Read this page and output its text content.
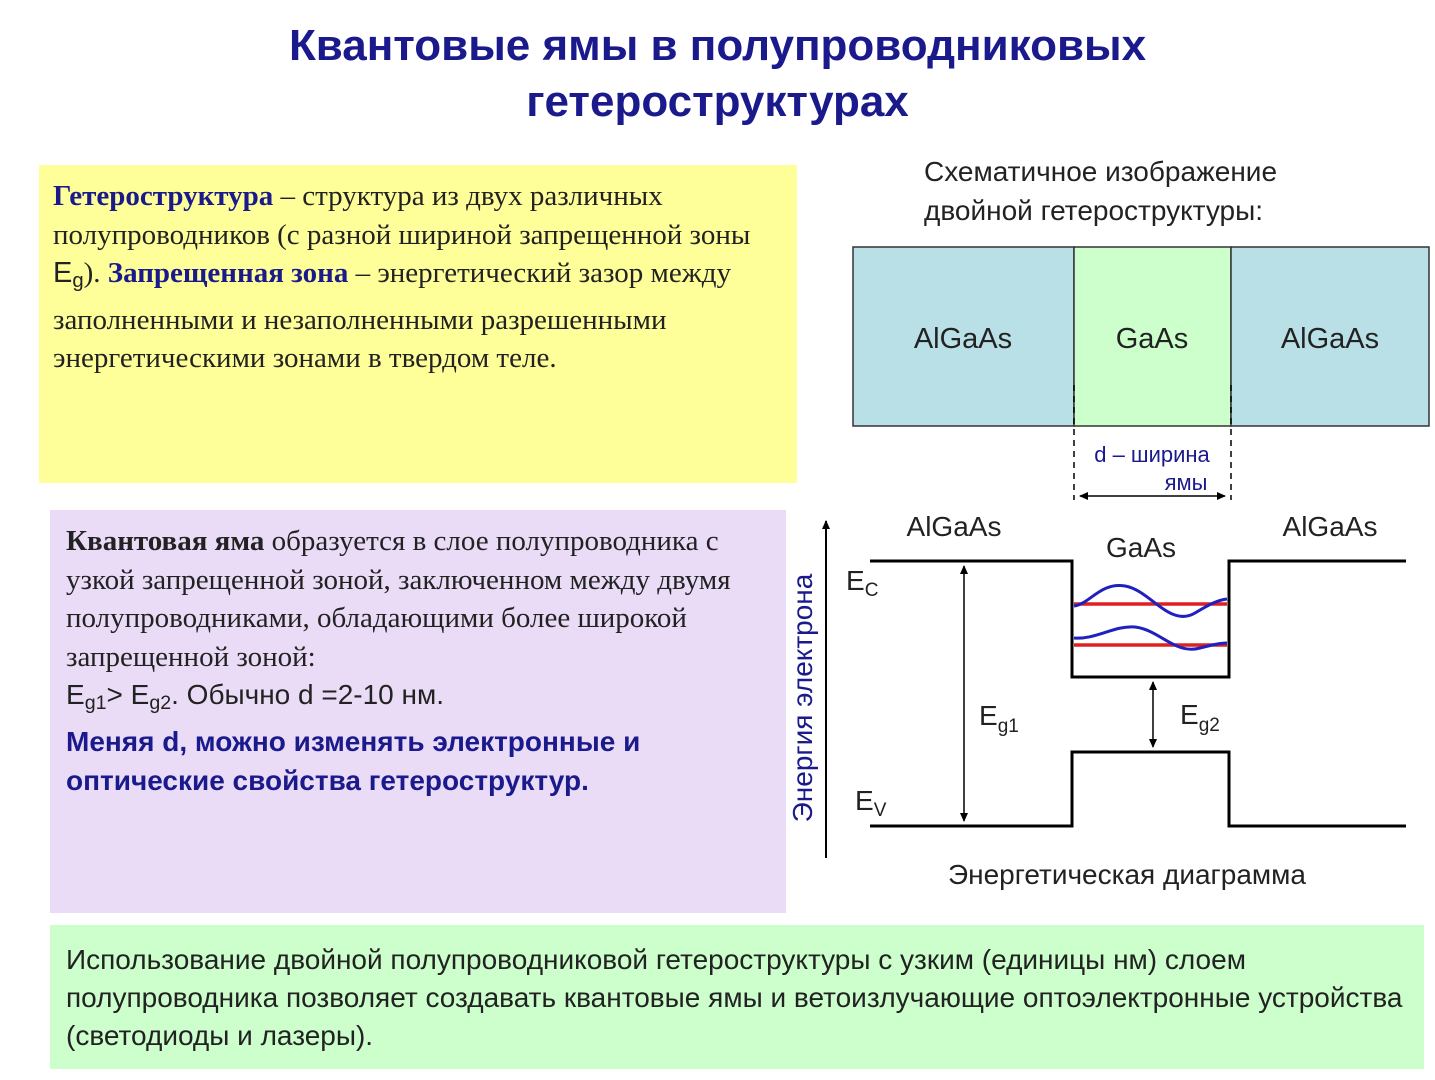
Квантовые ямы в полупроводниковых
гетероструктурах
Гетероструктура – структура из двух различных полупроводников (с разной шириной запрещенной зоны $E_g$). Запрещенная зона – энергетический зазор между заполненными и незаполненными разрешенными энергетическими зонами в твердом теле.
Квантовая яма образуется в слое полупроводника с узкой запрещенной зоной, заключенном между двумя полупроводниками, обладающими более широкой запрещенной зоной:
$E_{g1}> E_{g2}$. Обычно d =2-10 нм.
Меняя d, можно изменять электронные и оптические свойства гетероструктур.
Использование двойной полупроводниковой гетероструктуры с узким (единицы нм) слоем полупроводника позволяет создавать квантовые ямы и ветоизлучающие оптоэлектронные устройства (светодиоды и лазеры).
Схематичное изображение
двойной гетероструктуры:
AlGaAs	GaAs	AlGaAs
d – ширина
ямы
AlGaAs
GaAs
AlGaAs
Энергия электрона $E_C$
$E_V$
$E_{g1}$	$E_{g2}$
Энергетическая диаграмма
